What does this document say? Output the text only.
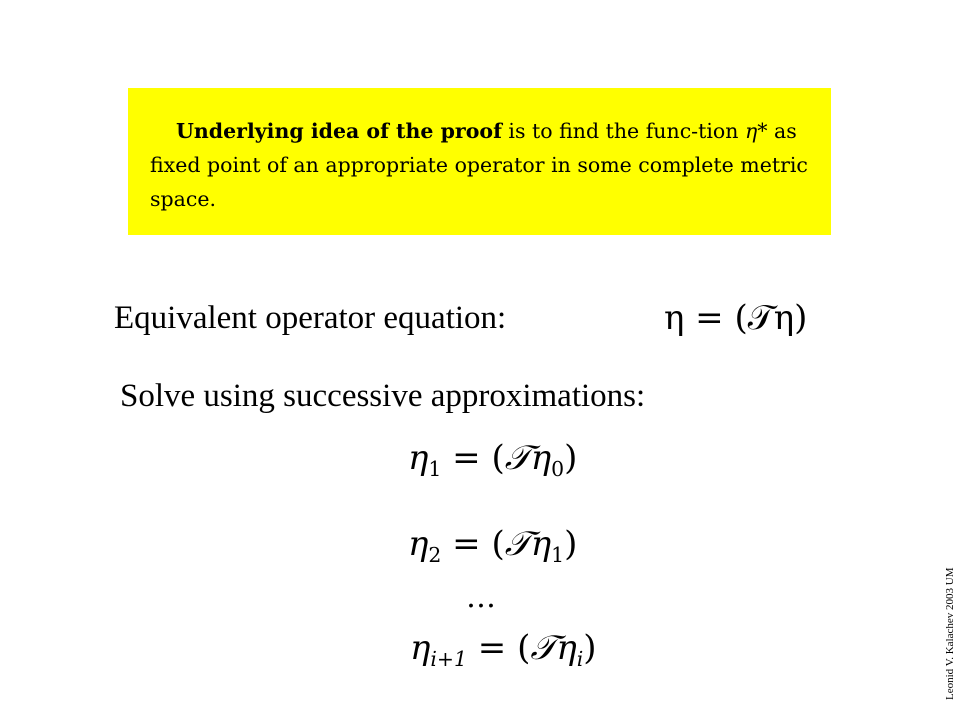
Underlying idea of the proof is to find the func-tion η* as fixed point of an appropriate operator in some complete metric space.
Equivalent operator equation:	η = (𝒯η)
Solve using successive approximations:
$\eta_1$ = (𝒯η$_0$)
$\eta_2$ = (𝒯η$_1$)
…
$\eta_{i+1}$ = (𝒯η$_i$)	Leonid V. Kalachev 2003 UM
